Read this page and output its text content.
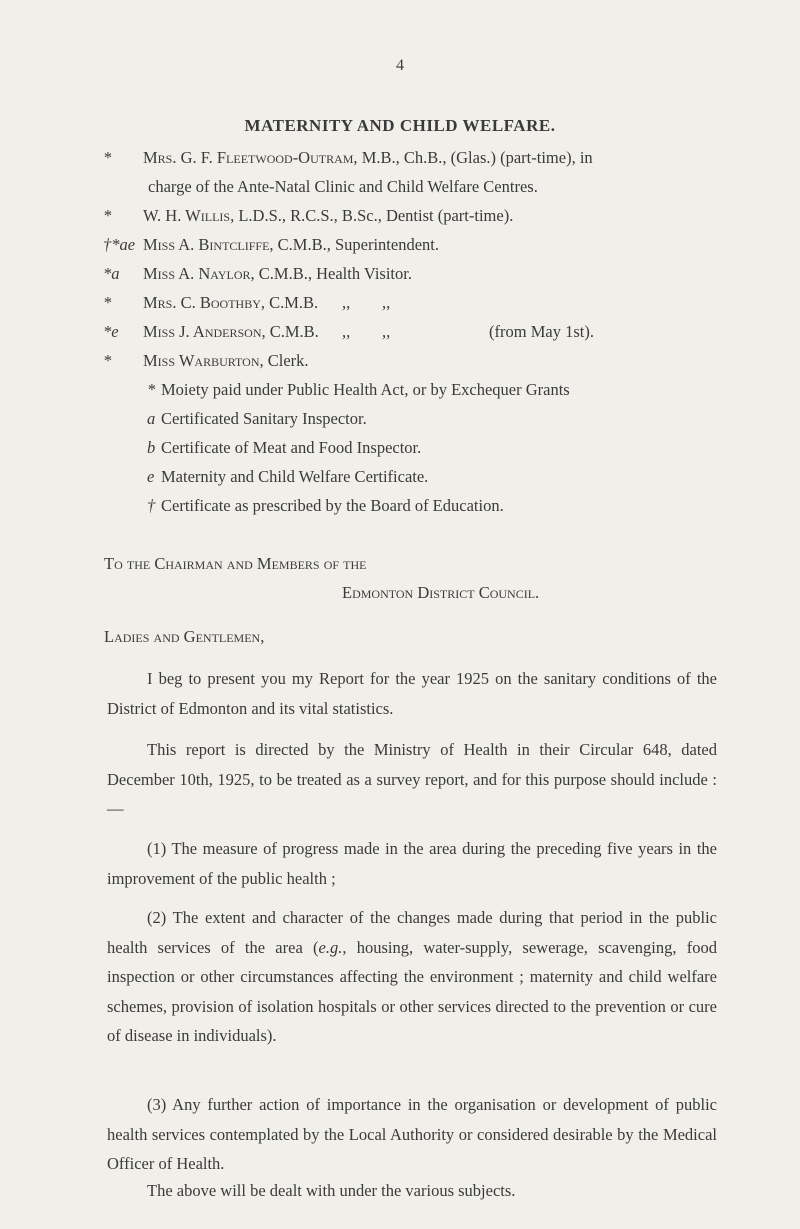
4
MATERNITY AND CHILD WELFARE.
* Mrs. G. F. Fleetwood-Outram, M.B., Ch.B., (Glas.) (part-time), in
charge of the Ante-Natal Clinic and Child Welfare Centres.
* W. H. Willis, L.D.S., R.C.S., B.Sc., Dentist (part-time).
†*ae Miss A. Bintcliffe, C.M.B., Superintendent.
*a Miss A. Naylor, C.M.B., Health Visitor.
* Mrs. C. Boothby, C.M.B. ,, ,,
*e Miss J. Anderson, C.M.B. ,, ,,	(from May 1st).
* Miss Warburton, Clerk.
* Moiety paid under Public Health Act, or by Exchequer Grants
a Certificated Sanitary Inspector.
b Certificate of Meat and Food Inspector.
e Maternity and Child Welfare Certificate.
† Certificate as prescribed by the Board of Education.
To the Chairman and Members of the
Edmonton District Council.
Ladies and Gentlemen,
I beg to present you my Report for the year 1925 on the sanitary conditions of the District of Edmonton and its vital statistics.
This report is directed by the Ministry of Health in their Circular 648, dated December 10th, 1925, to be treated as a survey report, and for this purpose should include :—
(1) The measure of progress made in the area during the preceding five years in the improvement of the public health ;
(2) The extent and character of the changes made during that period in the public health services of the area (e.g., housing, water-supply, sewerage, scavenging, food inspection or other circumstances affecting the environment ; maternity and child welfare schemes, provision of isolation hospitals or other services directed to the prevention or cure of disease in individuals).
(3) Any further action of importance in the organisation or development of public health services contemplated by the Local Authority or considered desirable by the Medical Officer of Health.
The above will be dealt with under the various subjects.
